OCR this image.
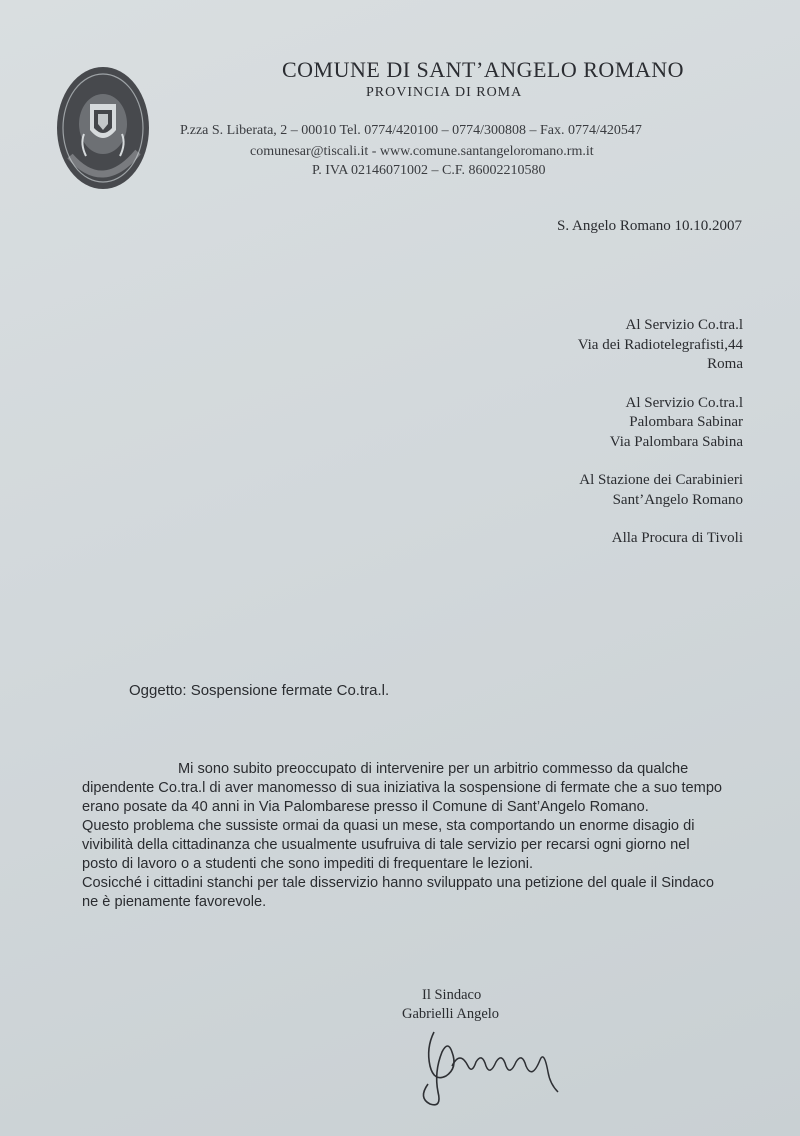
COMUNE DI SANT’ANGELO ROMANO
PROVINCIA DI ROMA
P.zza S. Liberata, 2 – 00010 Tel. 0774/420100 – 0774/300808 – Fax. 0774/420547
comunesar@tiscali.it - www.comune.santangeloromano.rm.it
P. IVA 02146071002 – C.F. 86002210580
S. Angelo Romano 10.10.2007
Al Servizio Co.tra.l
Via dei Radiotelegrafisti,44
Roma
Al Servizio Co.tra.l
Palombara Sabinar
Via Palombara Sabina
Al Stazione dei Carabinieri
Sant’Angelo Romano
Alla Procura di Tivoli
Oggetto: Sospensione fermate Co.tra.l.
Mi sono subito preoccupato di intervenire per un arbitrio commesso da qualche
dipendente Co.tra.l di aver manomesso di sua iniziativa la sospensione di fermate che a suo tempo
erano posate da 40 anni in Via Palombarese presso il Comune di Sant’Angelo Romano.
Questo problema che sussiste ormai da quasi un mese, sta comportando un enorme disagio di
vivibilità della cittadinanza che usualmente usufruiva di tale servizio per recarsi ogni giorno nel
posto di lavoro o a studenti che sono impediti di frequentare le lezioni.
Cosicché i cittadini stanchi per tale disservizio hanno sviluppato una petizione del quale il Sindaco
ne è pienamente favorevole.
Il Sindaco
Gabrielli Angelo
